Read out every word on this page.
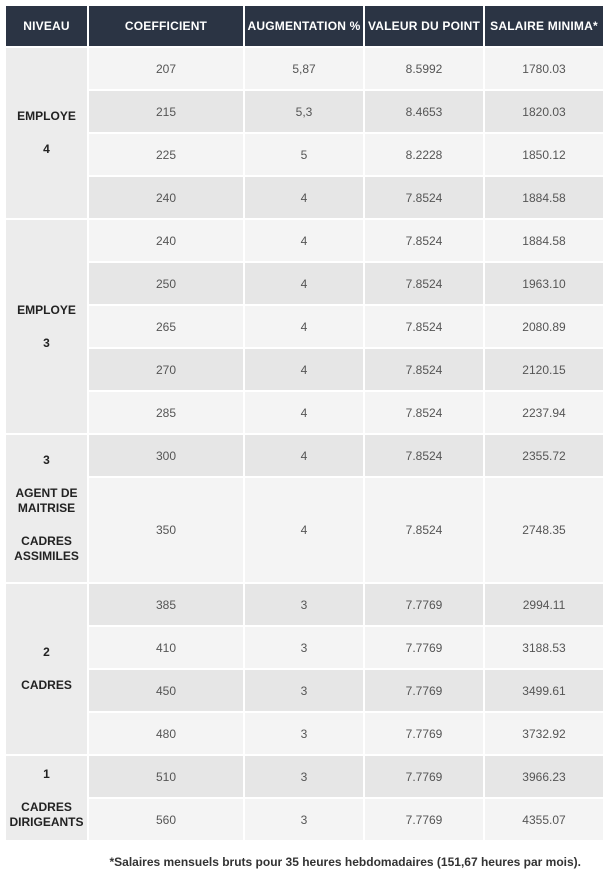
NIVEAU	COEFFICIENT	AUGMENTATION %	VALEUR DU POINT	SALAIRE MINIMA*

EMPLOYE
4	207	5,87	8.5992	1780.03
	215	5,3	8.4653	1820.03
	225	5	8.2228	1850.12
	240	4	7.8524	1884.58

EMPLOYE
3	240	4	7.8524	1884.58
	250	4	7.8524	1963.10
	265	4	7.8524	2080.89
	270	4	7.8524	2120.15
	285	4	7.8524	2237.94

3
AGENT DE
MAITRISE
CADRES
ASSIMILES	300	4	7.8524	2355.72
	350	4	7.8524	2748.35

2
CADRES	385	3	7.7769	2994.11
	410	3	7.7769	3188.53
	450	3	7.7769	3499.61
	480	3	7.7769	3732.92

1
CADRES
DIRIGEANTS	510	3	7.7769	3966.23
	560	3	7.7769	4355.07
*Salaires mensuels bruts pour 35 heures hebdomadaires (151,67 heures par mois).
